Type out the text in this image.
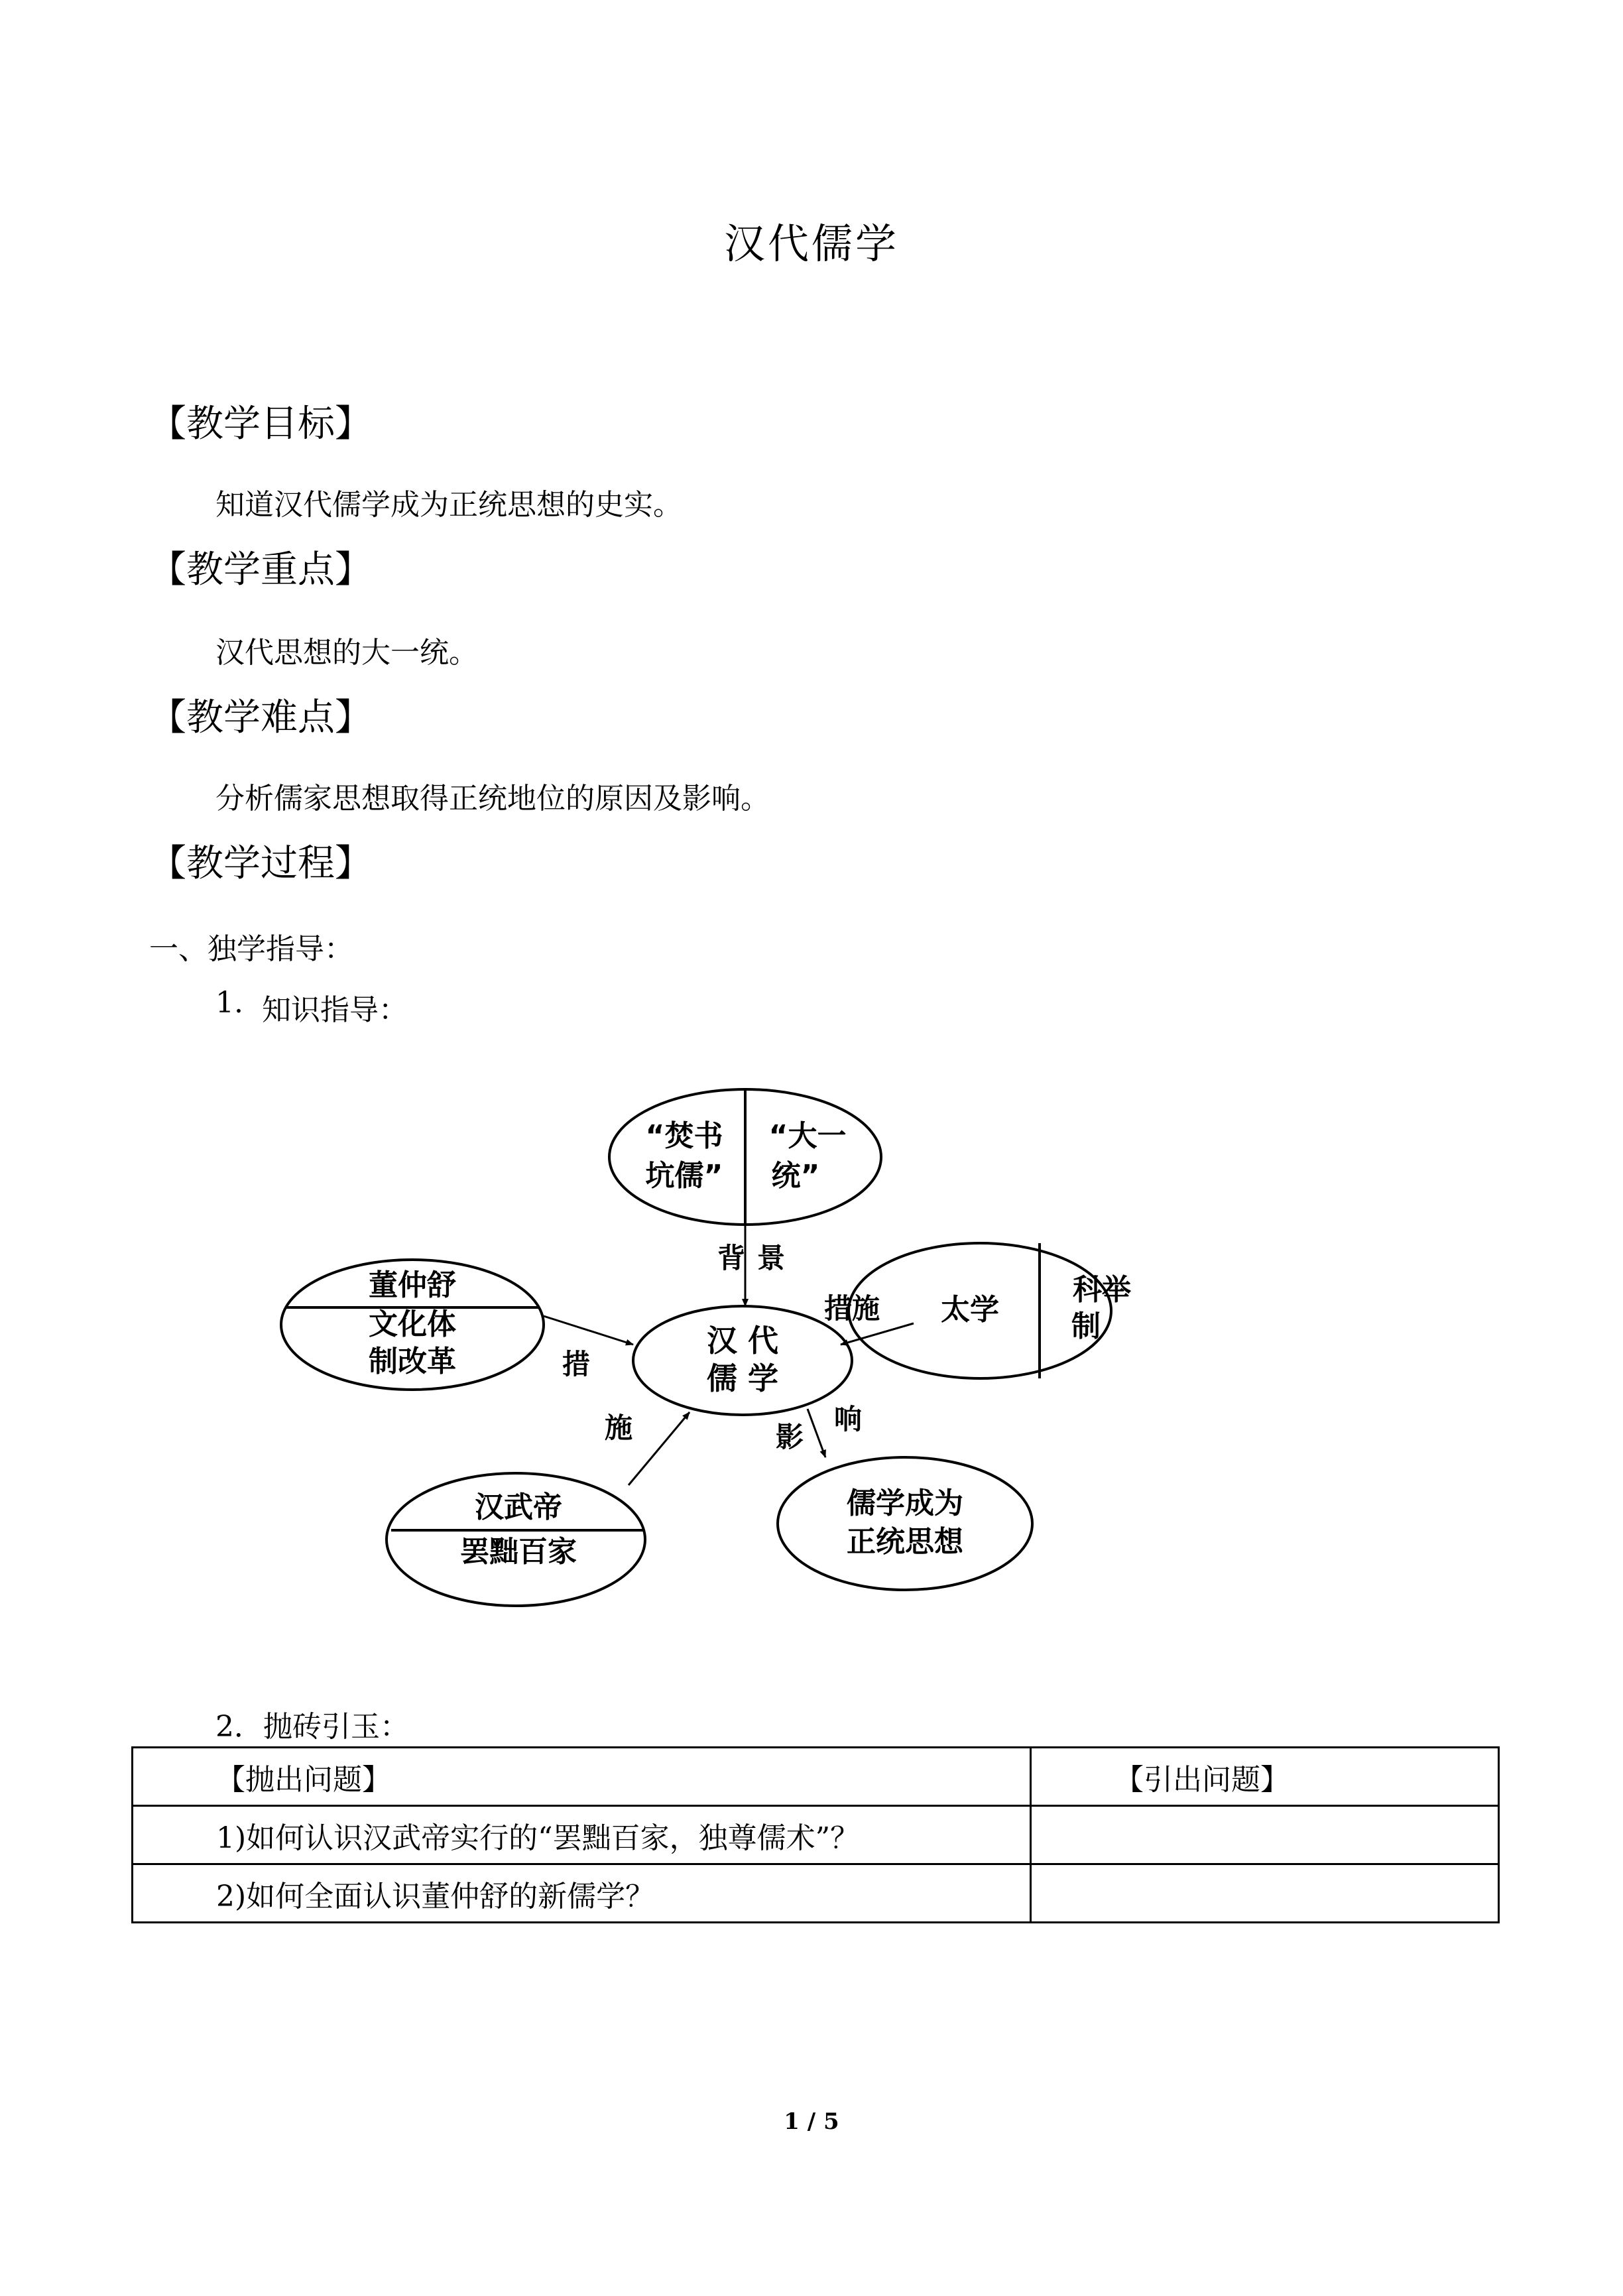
汉代儒学
【教学目标】
知道汉代儒学成为正统思想的史实。
【教学重点】
汉代思想的大一统。
【教学难点】
分析儒家思想取得正统地位的原因及影响。
【教学过程】
一、独学指导：
1. 知识指导：
“焚书
坑儒”
“大一
统”
背 景
汉 代
儒 学
董仲舒
文化体
制改革	措
太学
科举
制
措施
汉武帝
罢黜百家
施
儒学成为
正统思想
影
响
2．抛砖引玉：
【抛出问题】	【引出问题】
1)如何认识汉武帝实行的“罢黜百家，独尊儒术”？	
2)如何全面认识董仲舒的新儒学？	
1 / 5
